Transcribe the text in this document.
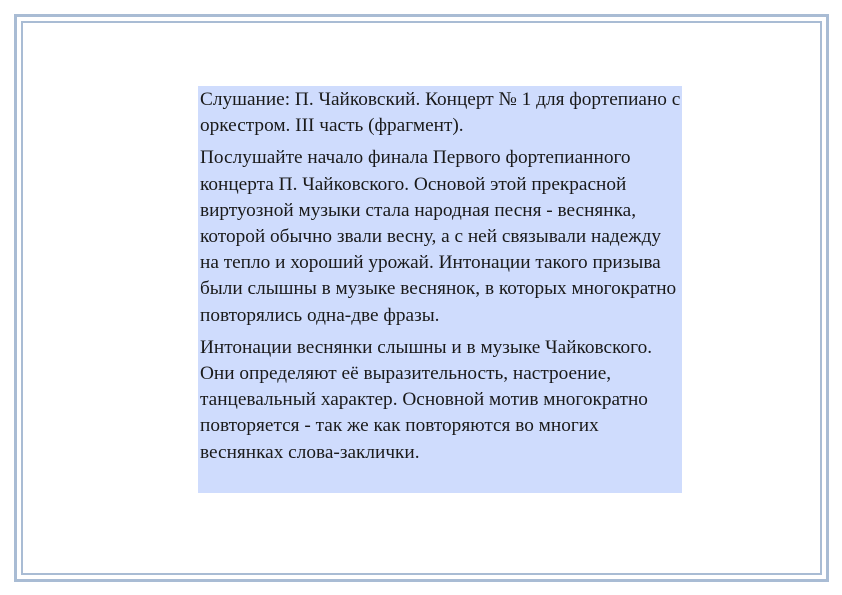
Слушание: П. Чайковский. Концерт № 1 для фортепиано с оркестром. III часть (фрагмент).

Послушайте начало финала Первого фортепианного концерта П. Чайковского. Основой этой прекрасной виртуозной музыки стала народная песня - веснянка, которой обычно звали весну, а с ней связывали надежду на тепло и хороший урожай. Интонации такого призыва были слышны в музыке веснянок, в которых многократно повторялись одна-две фразы.

Интонации веснянки слышны и в музыке Чайковского. Они определяют её выразительность, настроение, танцевальный характер. Основной мотив многократно повторяется - так же как повторяются во многих веснянках слова-заклички.
